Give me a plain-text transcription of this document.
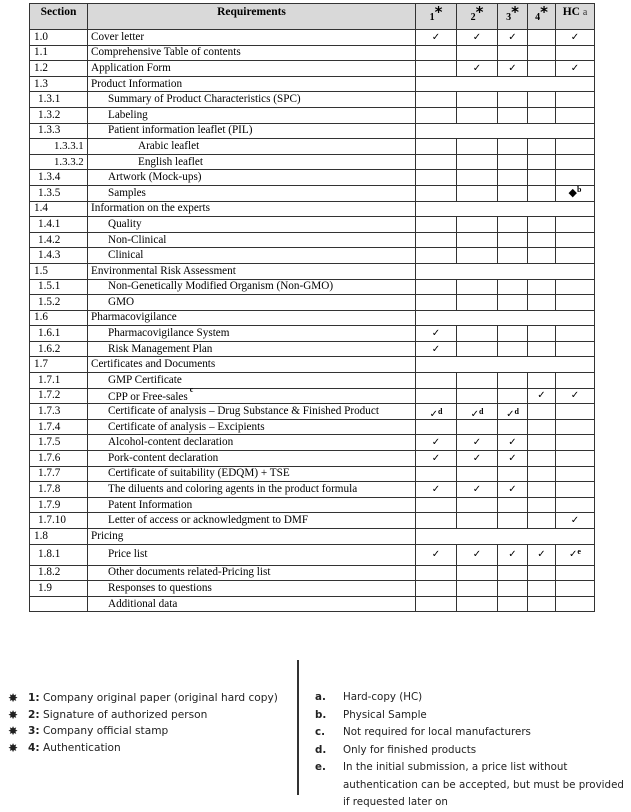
Section	Requirements	1*	2*	3*	4*	HC a
1.0	Cover letter	✓	✓	✓		✓
1.1	Comprehensive Table of contents					
1.2	Application Form		✓	✓		✓
1.3	Product Information					
1.3.1	Summary of Product Characteristics (SPC)					
1.3.2	Labeling					
1.3.3	Patient information leaflet (PIL)					
1.3.3.1	Arabic leaflet					
1.3.3.2	English leaflet					
1.3.4	Artwork (Mock-ups)					
1.3.5	Samples					◆$^b$
1.4	Information on the experts					
1.4.1	Quality					
1.4.2	Non-Clinical					
1.4.3	Clinical					
1.5	Environmental Risk Assessment					
1.5.1	Non-Genetically Modified Organism (Non-GMO)					
1.5.2	GMO					
1.6	Pharmacovigilance					
1.6.1	Pharmacovigilance System	✓				
1.6.2	Risk Management Plan	✓				
1.7	Certificates and Documents					
1.7.1	GMP Certificate					
1.7.2	CPP or Free-sales$^c$				✓	✓
1.7.3	Certificate of analysis – Drug Substance & Finished Product	✓$^d$	✓$^d$	✓$^d$		
1.7.4	Certificate of analysis – Excipients					
1.7.5	Alcohol-content declaration	✓	✓	✓		
1.7.6	Pork-content declaration	✓	✓	✓		
1.7.7	Certificate of suitability (EDQM) + TSE					
1.7.8	The diluents and coloring agents in the product formula	✓	✓	✓		
1.7.9	Patent Information					
1.7.10	Letter of access or acknowledgment to DMF					✓
1.8	Pricing					
1.8.1	Price list	✓	✓	✓	✓	✓$^e$
1.8.2	Other documents related-Pricing list					
1.9	Responses to questions					
	Additional data					
✸ 1: Company original paper (original hard copy)
✸ 2: Signature of authorized person
✸ 3: Company official stamp
✸ 4: Authentication
a.	Hard-copy (HC)
b.	Physical Sample
c.	Not required for local manufacturers
d.	Only for finished products
e.	In the initial submission, a price list without authentication can be accepted, but must be provided if requested later on
